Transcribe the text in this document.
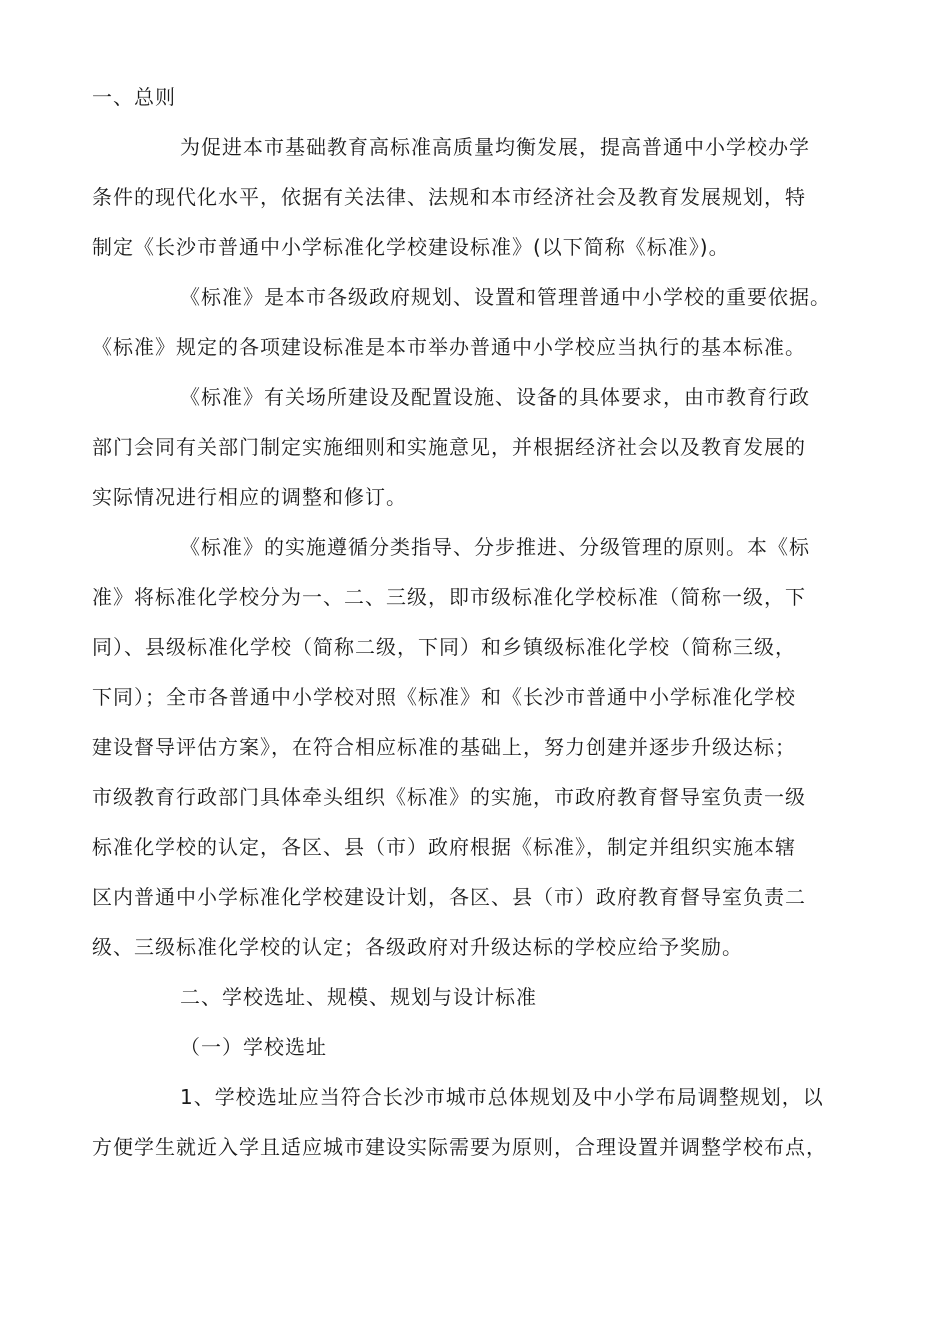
一、总则
为促进本市基础教育高标准高质量均衡发展，提高普通中小学校办学
条件的现代化水平，依据有关法律、法规和本市经济社会及教育发展规划，特
制定《长沙市普通中小学标准化学校建设标准》(以下简称《标准》)。
《标准》是本市各级政府规划、设置和管理普通中小学校的重要依据。
《标准》规定的各项建设标准是本市举办普通中小学校应当执行的基本标准。
《标准》有关场所建设及配置设施、设备的具体要求，由市教育行政
部门会同有关部门制定实施细则和实施意见，并根据经济社会以及教育发展的
实际情况进行相应的调整和修订。
《标准》的实施遵循分类指导、分步推进、分级管理的原则。本《标
准》将标准化学校分为一、二、三级，即市级标准化学校标准（简称一级，下
同）、县级标准化学校（简称二级，下同）和乡镇级标准化学校（简称三级，
下同）；全市各普通中小学校对照《标准》和《长沙市普通中小学标准化学校
建设督导评估方案》，在符合相应标准的基础上，努力创建并逐步升级达标；
市级教育行政部门具体牵头组织《标准》的实施，市政府教育督导室负责一级
标准化学校的认定，各区、县（市）政府根据《标准》，制定并组织实施本辖
区内普通中小学标准化学校建设计划，各区、县（市）政府教育督导室负责二
级、三级标准化学校的认定；各级政府对升级达标的学校应给予奖励。
二、学校选址、规模、规划与设计标准
（一）学校选址
1、学校选址应当符合长沙市城市总体规划及中小学布局调整规划，以
方便学生就近入学且适应城市建设实际需要为原则，合理设置并调整学校布点，
